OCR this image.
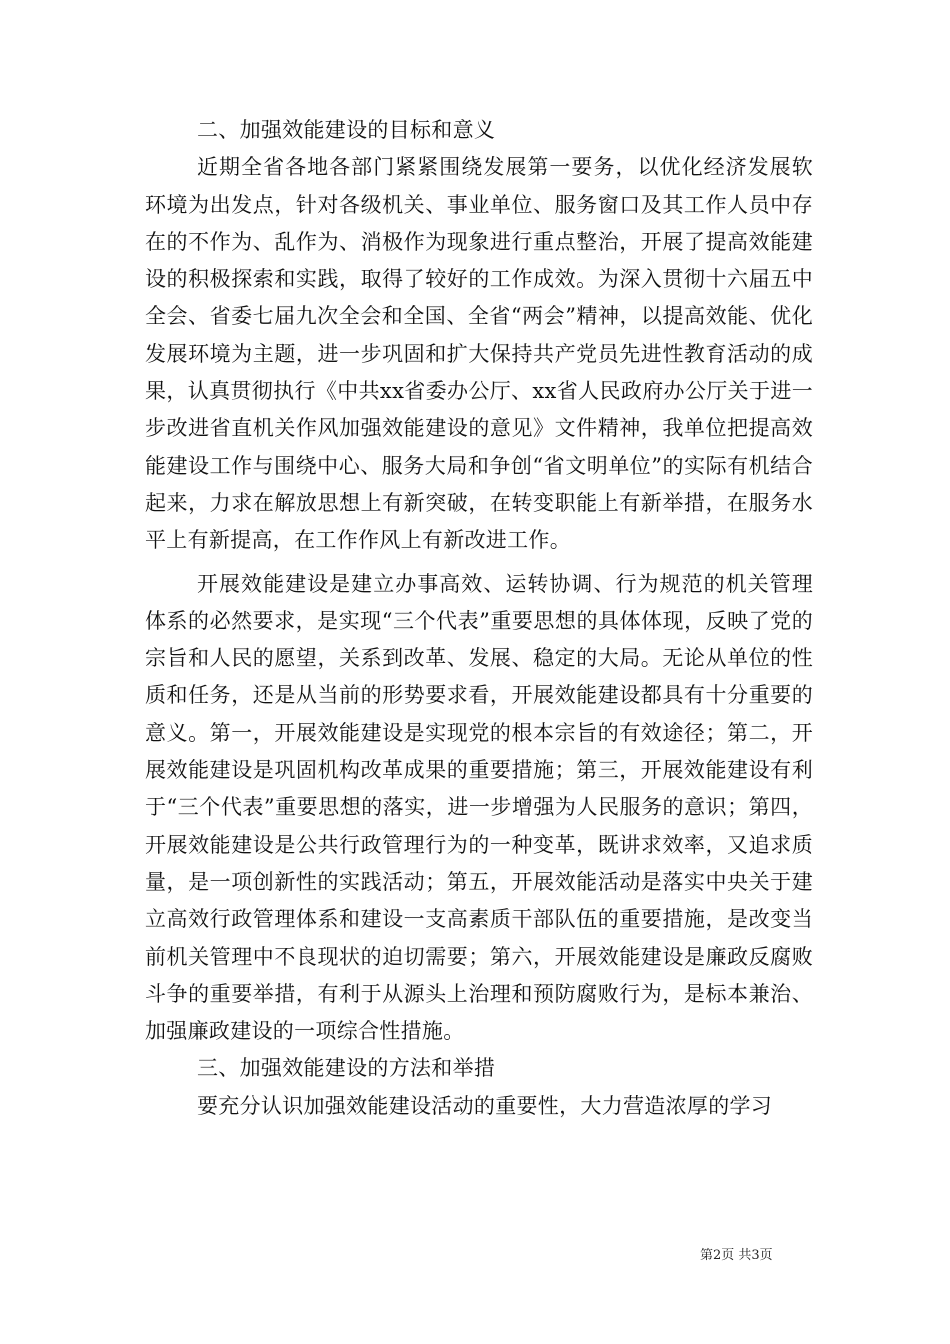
二、加强效能建设的目标和意义

近期全省各地各部门紧紧围绕发展第一要务，以优化经济发展软环境为出发点，针对各级机关、事业单位、服务窗口及其工作人员中存在的不作为、乱作为、消极作为现象进行重点整治，开展了提高效能建设的积极探索和实践，取得了较好的工作成效。为深入贯彻十六届五中全会、省委七届九次全会和全国、全省“两会”精神，以提高效能、优化发展环境为主题，进一步巩固和扩大保持共产党员先进性教育活动的成果，认真贯彻执行《中共xx省委办公厅、xx省人民政府办公厅关于进一步改进省直机关作风加强效能建设的意见》文件精神，我单位把提高效能建设工作与围绕中心、服务大局和争创“省文明单位”的实际有机结合起来，力求在解放思想上有新突破，在转变职能上有新举措，在服务水平上有新提高，在工作作风上有新改进工作。

开展效能建设是建立办事高效、运转协调、行为规范的机关管理体系的必然要求，是实现“三个代表”重要思想的具体体现，反映了党的宗旨和人民的愿望，关系到改革、发展、稳定的大局。无论从单位的性质和任务，还是从当前的形势要求看，开展效能建设都具有十分重要的意义。第一，开展效能建设是实现党的根本宗旨的有效途径；第二，开展效能建设是巩固机构改革成果的重要措施；第三，开展效能建设有利于“三个代表”重要思想的落实，进一步增强为人民服务的意识；第四，开展效能建设是公共行政管理行为的一种变革，既讲求效率，又追求质量，是一项创新性的实践活动；第五，开展效能活动是落实中央关于建立高效行政管理体系和建设一支高素质干部队伍的重要措施，是改变当前机关管理中不良现状的迫切需要；第六，开展效能建设是廉政反腐败斗争的重要举措，有利于从源头上治理和预防腐败行为，是标本兼治、加强廉政建设的一项综合性措施。

三、加强效能建设的方法和举措

要充分认识加强效能建设活动的重要性，大力营造浓厚的学习

第2页 共3页
